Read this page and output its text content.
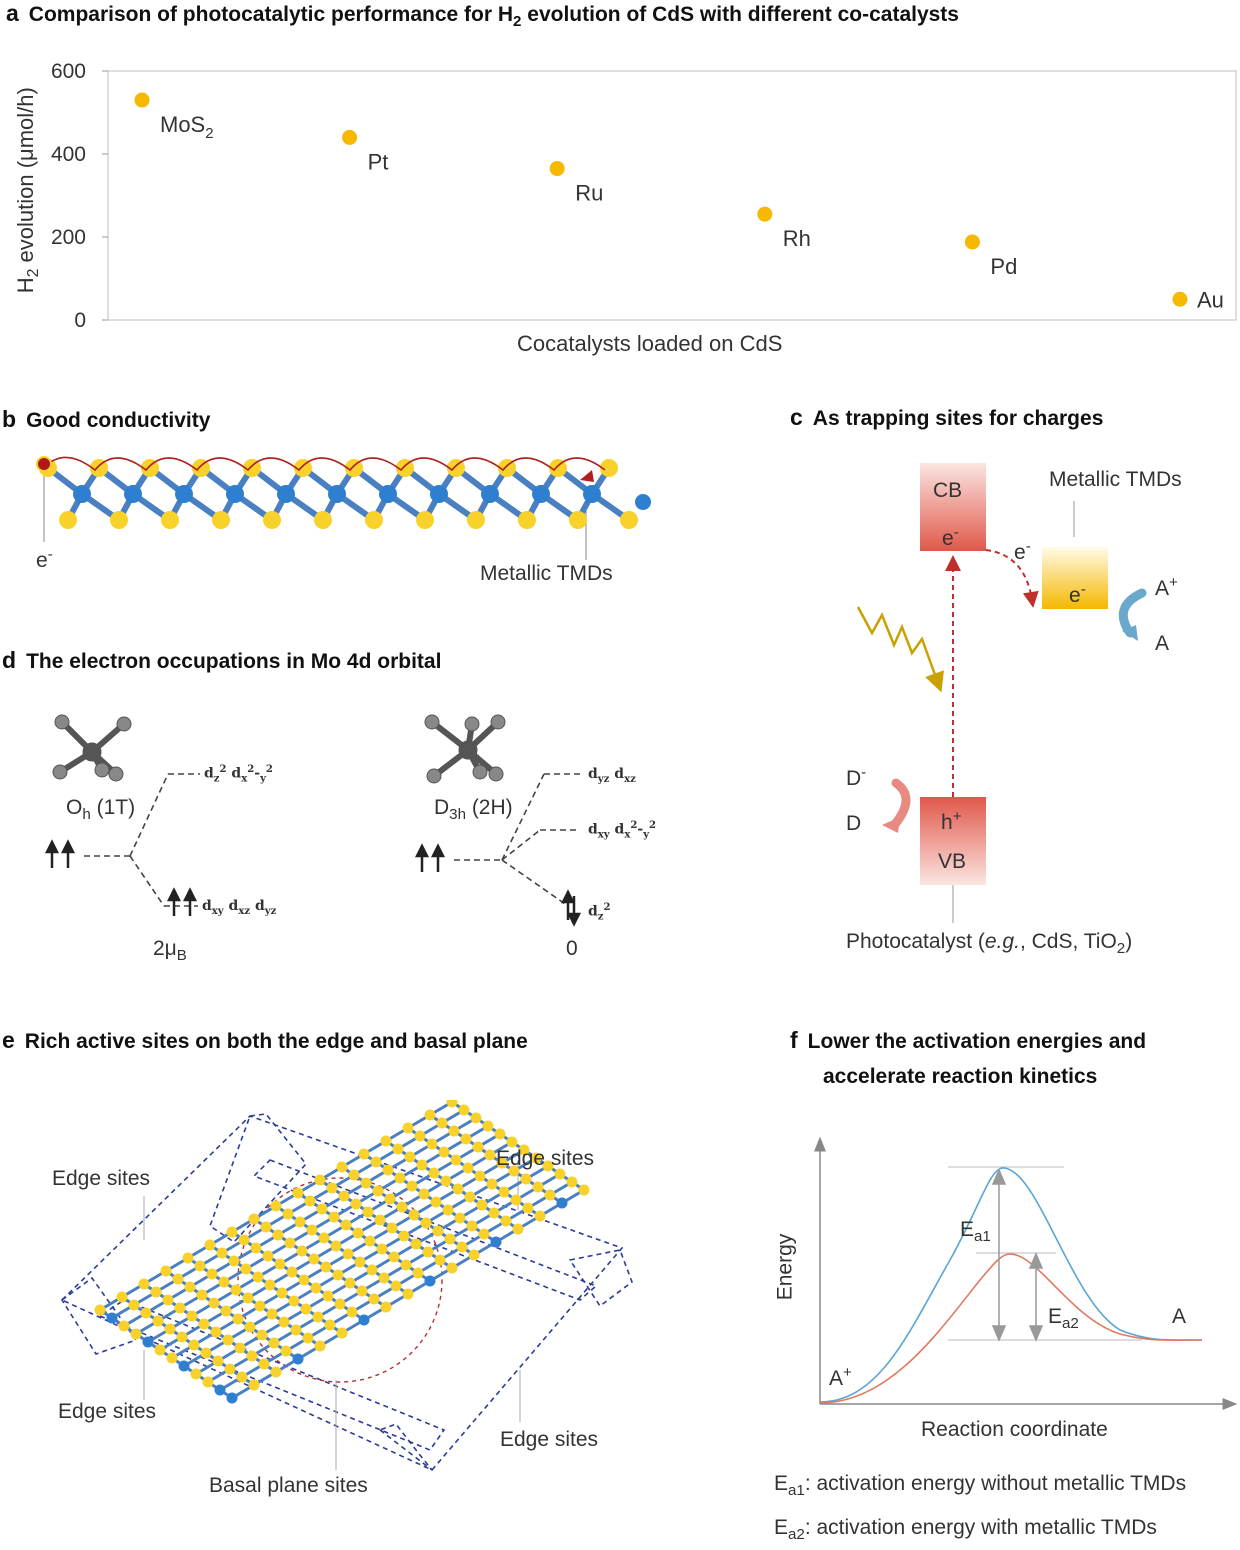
a Comparison of photocatalytic performance for $H_2$ evolution of CdS with different co-catalysts
0
200
400
600
MoS$_2$
Pt
Ru
Rh
Pd
Au
$H_2$ evolution (μmol/h)
Cocatalysts loaded on CdS
b Good conductivity
e-
Metallic TMDs
c As trapping sites for charges
CB
e-
e-
e-
Metallic TMDs
A+
A
D-
D	h+
VB
Photocatalyst (e.g., CdS, TiO$_2$)
d The electron occupations in Mo 4d orbital
$O_h$ (1T)
$d_z^2$ $d_x^2-_y^2$
$d_{xy}$ $d_{xz}$ $d_{yz}$
$2\mu_B$
$D_{3h}$ (2H)
$d_{yz}$ $d_{xz}$
$d_{xy}$ $d_x^2-_y^2$
$d_z^2$
0
e Rich active sites on both the edge and basal plane
Edge sites
Edge sites
Edge sites
Edge sites
Basal plane sites
f Lower the activation energies and
accelerate reaction kinetics
Energy
Reaction coordinate
A+
A
$E_{a1}$
$E_{a2}$
$E_{a1}$: activation energy without metallic TMDs
$E_{a2}$: activation energy with metallic TMDs
